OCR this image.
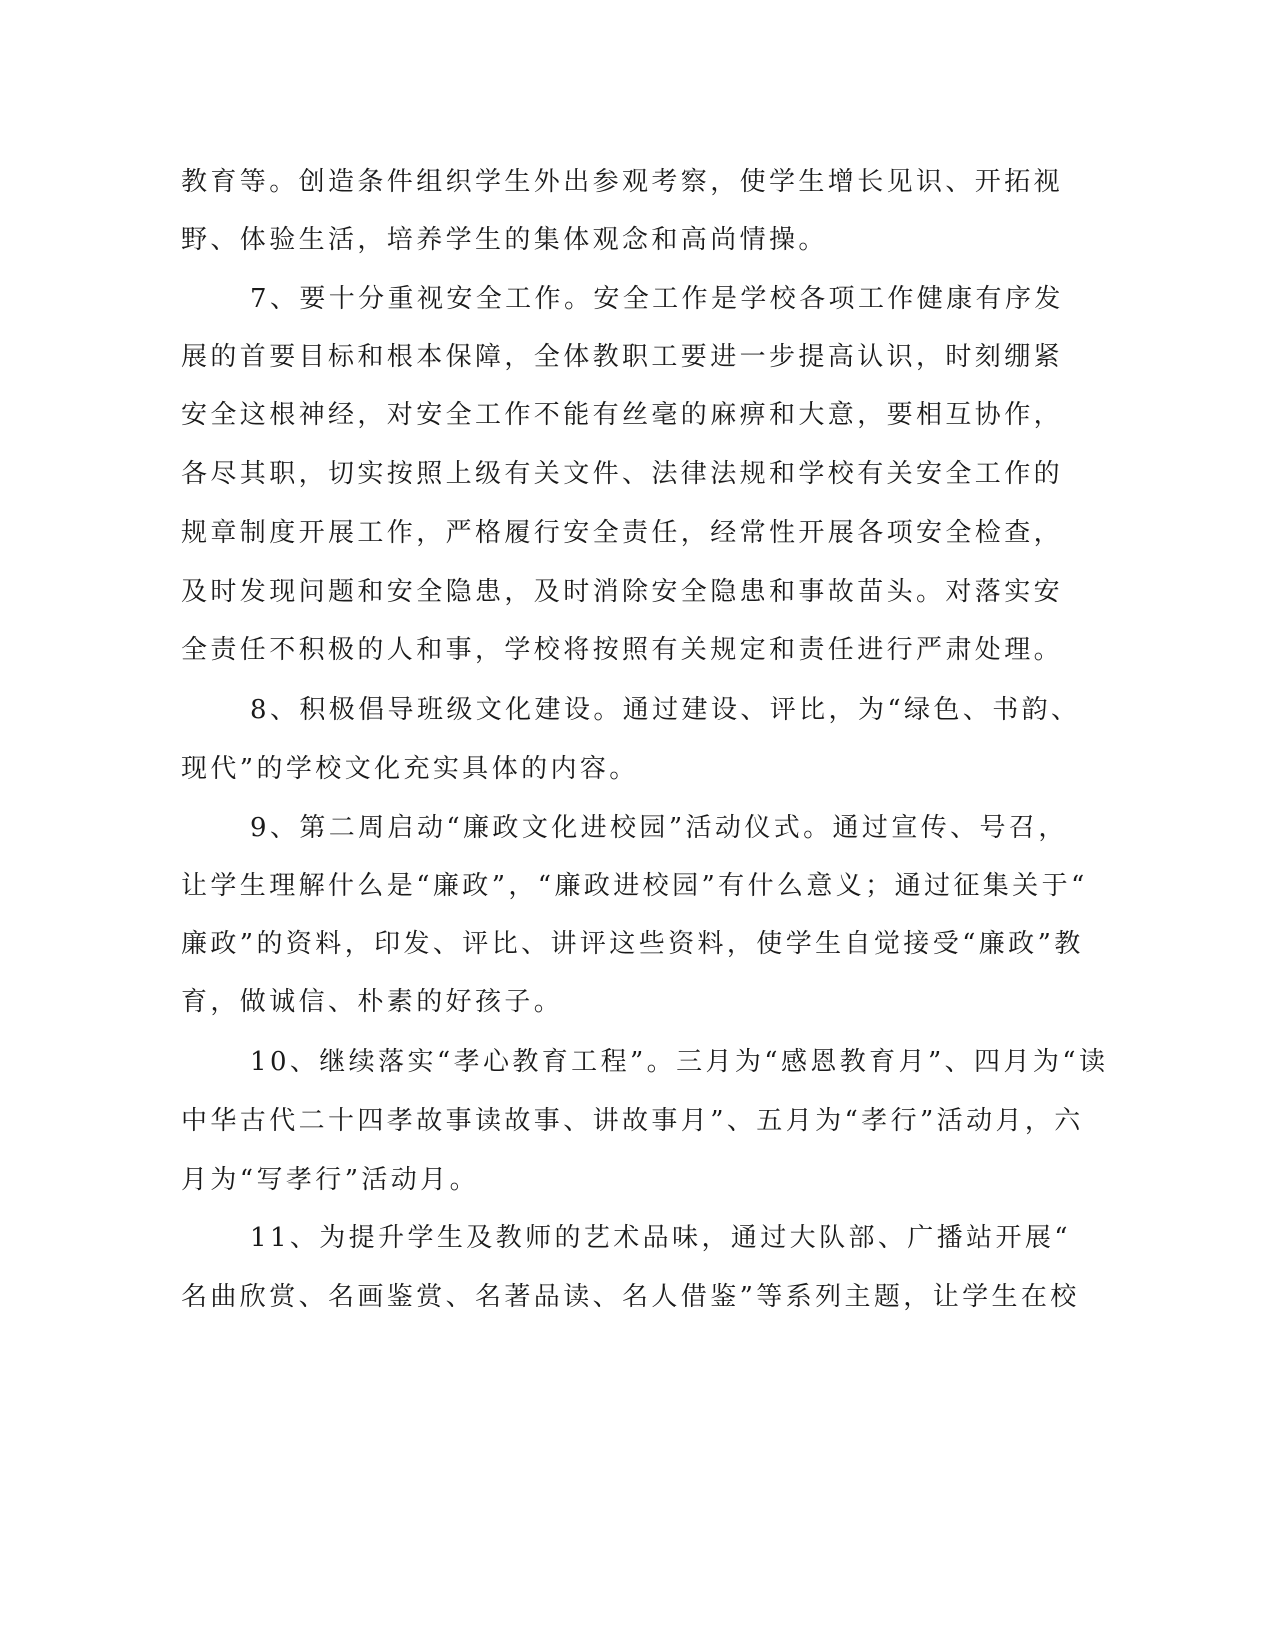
教育等。创造条件组织学生外出参观考察，使学生增长见识、开拓视
野、体验生活，培养学生的集体观念和高尚情操。
7、要十分重视安全工作。安全工作是学校各项工作健康有序发
展的首要目标和根本保障，全体教职工要进一步提高认识，时刻绷紧
安全这根神经，对安全工作不能有丝毫的麻痹和大意，要相互协作，
各尽其职，切实按照上级有关文件、法律法规和学校有关安全工作的
规章制度开展工作，严格履行安全责任，经常性开展各项安全检查，
及时发现问题和安全隐患，及时消除安全隐患和事故苗头。对落实安
全责任不积极的人和事，学校将按照有关规定和责任进行严肃处理。
8、积极倡导班级文化建设。通过建设、评比，为“绿色、书韵、
现代”的学校文化充实具体的内容。
9、第二周启动“廉政文化进校园”活动仪式。通过宣传、号召，
让学生理解什么是“廉政”，“廉政进校园”有什么意义；通过征集关于“
廉政”的资料，印发、评比、讲评这些资料，使学生自觉接受“廉政”教
育，做诚信、朴素的好孩子。
10、继续落实“孝心教育工程”。三月为“感恩教育月”、四月为“读
中华古代二十四孝故事读故事、讲故事月”、五月为“孝行”活动月，六
月为“写孝行”活动月。
11、为提升学生及教师的艺术品味，通过大队部、广播站开展“
名曲欣赏、名画鉴赏、名著品读、名人借鉴”等系列主题，让学生在校
